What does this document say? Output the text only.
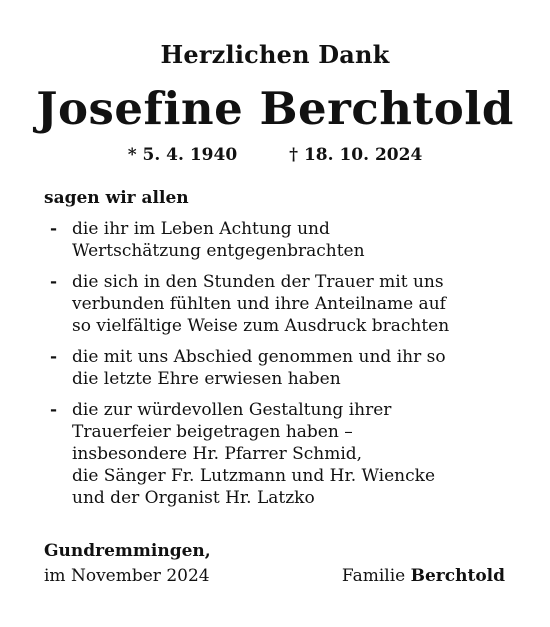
Herzlichen Dank
Josefine Berchtold
* 5. 4. 1940	† 18. 10. 2024
sagen wir allen
- die ihr im Leben Achtung und
Wertschätzung entgegenbrachten
- die sich in den Stunden der Trauer mit uns
verbunden fühlten und ihre Anteilname auf
so vielfältige Weise zum Ausdruck brachten
- die mit uns Abschied genommen und ihr so
die letzte Ehre erwiesen haben
- die zur würdevollen Gestaltung ihrer
Trauerfeier beigetragen haben –
insbesondere Hr. Pfarrer Schmid,
die Sänger Fr. Lutzmann und Hr. Wiencke
und der Organist Hr. Latzko
Gundremmingen,
im November 2024	Familie Berchtold
